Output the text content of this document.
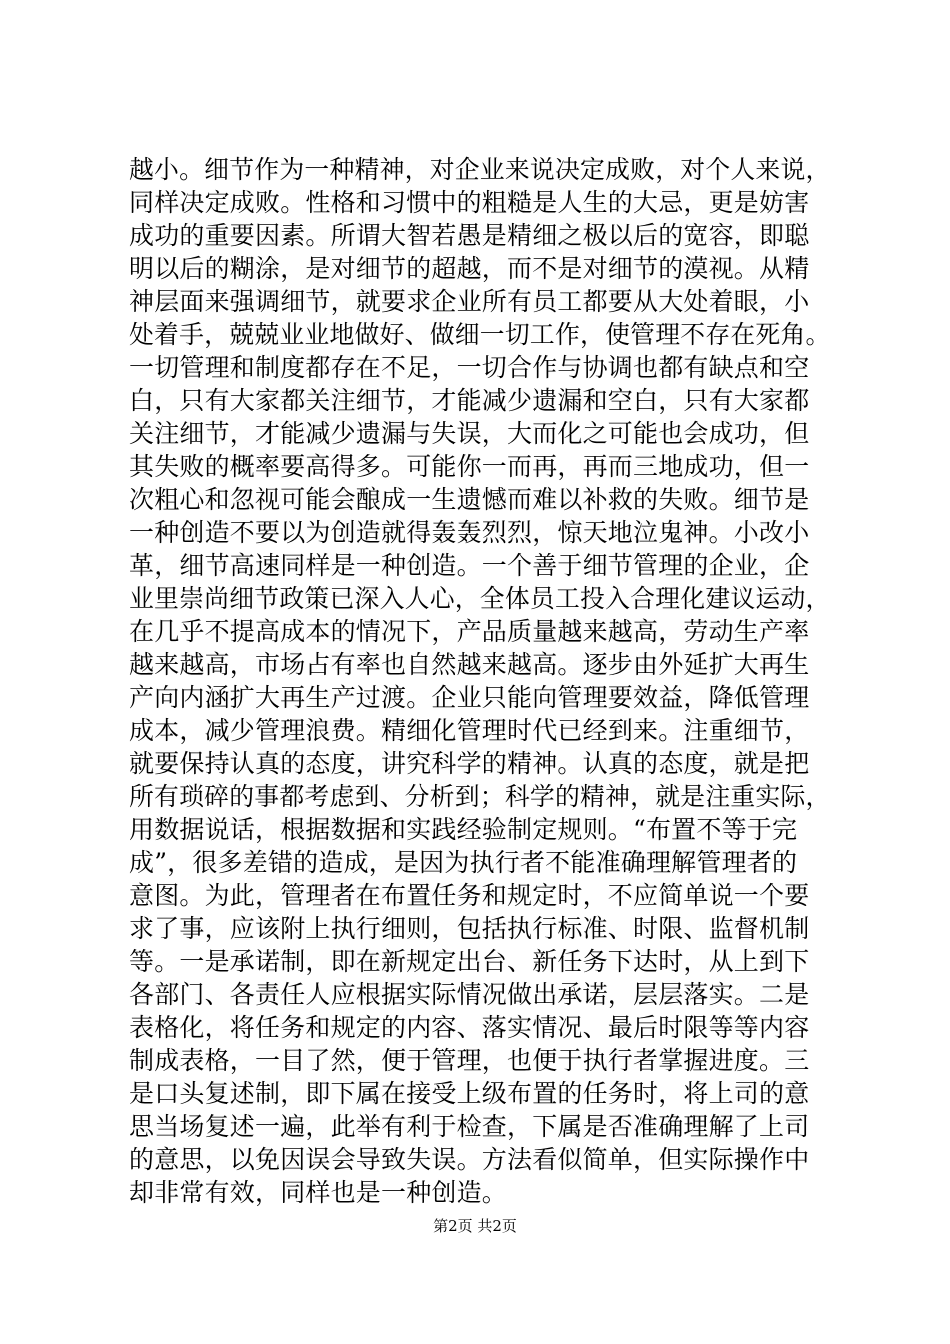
越小。细节作为一种精神，对企业来说决定成败，对个人来说，
同样决定成败。性格和习惯中的粗糙是人生的大忌，更是妨害
成功的重要因素。所谓大智若愚是精细之极以后的宽容，即聪
明以后的糊涂，是对细节的超越，而不是对细节的漠视。从精
神层面来强调细节，就要求企业所有员工都要从大处着眼，小
处着手，兢兢业业地做好、做细一切工作，使管理不存在死角。
一切管理和制度都存在不足，一切合作与协调也都有缺点和空
白，只有大家都关注细节，才能减少遗漏和空白，只有大家都
关注细节，才能减少遗漏与失误，大而化之可能也会成功，但
其失败的概率要高得多。可能你一而再，再而三地成功，但一
次粗心和忽视可能会酿成一生遗憾而难以补救的失败。细节是
一种创造不要以为创造就得轰轰烈烈，惊天地泣鬼神。小改小
革，细节高速同样是一种创造。一个善于细节管理的企业，企
业里崇尚细节政策已深入人心，全体员工投入合理化建议运动，
在几乎不提高成本的情况下，产品质量越来越高，劳动生产率
越来越高，市场占有率也自然越来越高。逐步由外延扩大再生
产向内涵扩大再生产过渡。企业只能向管理要效益，降低管理
成本，减少管理浪费。精细化管理时代已经到来。注重细节，
就要保持认真的态度，讲究科学的精神。认真的态度，就是把
所有琐碎的事都考虑到、分析到；科学的精神，就是注重实际，
用数据说话，根据数据和实践经验制定规则。“布置不等于完
成”，很多差错的造成，是因为执行者不能准确理解管理者的
意图。为此，管理者在布置任务和规定时，不应简单说一个要
求了事，应该附上执行细则，包括执行标准、时限、监督机制
等。一是承诺制，即在新规定出台、新任务下达时，从上到下
各部门、各责任人应根据实际情况做出承诺，层层落实。二是
表格化，将任务和规定的内容、落实情况、最后时限等等内容
制成表格，一目了然，便于管理，也便于执行者掌握进度。三
是口头复述制，即下属在接受上级布置的任务时，将上司的意
思当场复述一遍，此举有利于检查，下属是否准确理解了上司
的意思，以免因误会导致失误。方法看似简单，但实际操作中
却非常有效，同样也是一种创造。
第2页 共2页
